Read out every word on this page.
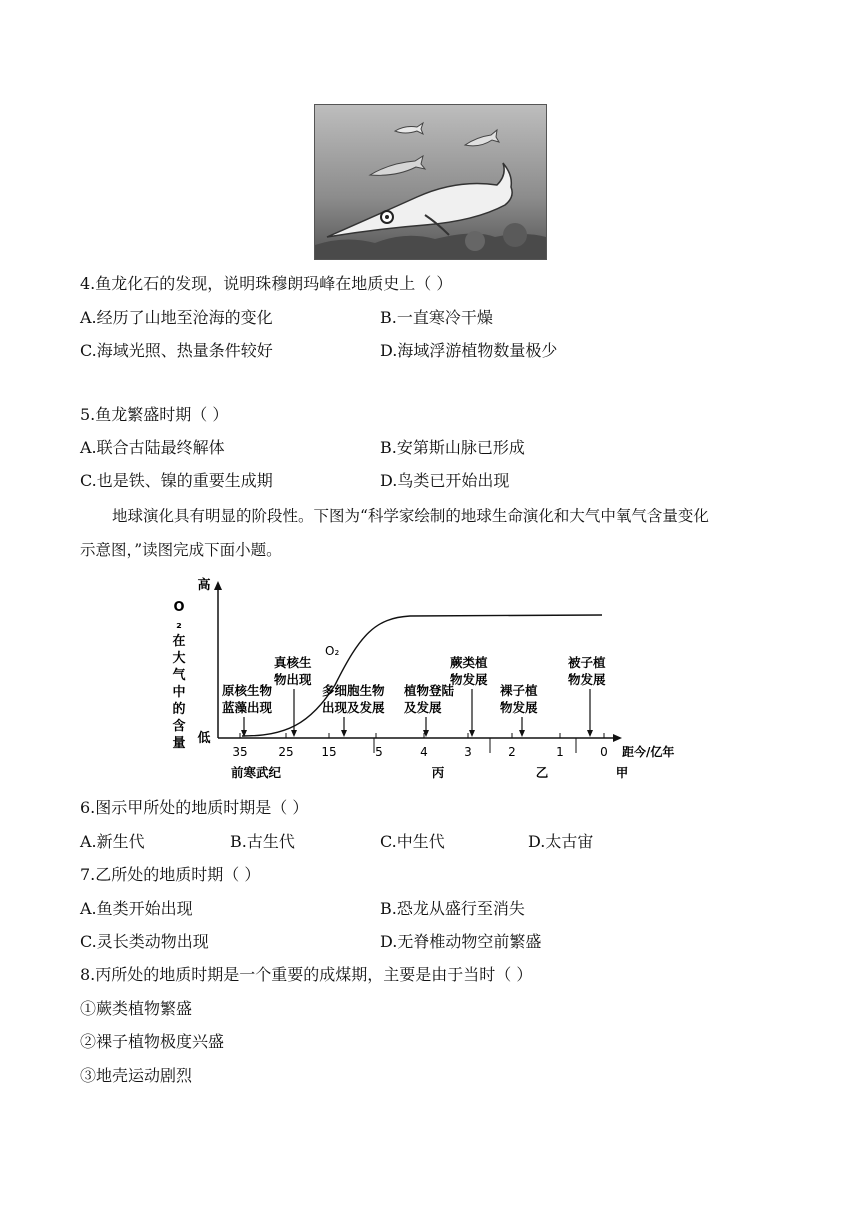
4.鱼龙化石的发现，说明珠穆朗玛峰在地质史上（ ）
A.经历了山地至沧海的变化	B.一直寒冷干燥
C.海域光照、热量条件较好	D.海域浮游植物数量极少
5.鱼龙繁盛时期（ ）
A.联合古陆最终解体	B.安第斯山脉已形成
C.也是铁、镍的重要生成期	D.鸟类已开始出现
地球演化具有明显的阶段性。下图为“科学家绘制的地球生命演化和大气中氧气含量变化
示意图，”读图完成下面小题。
高
低
O
₂
在
大
气
中
的
含
量
O₂
35	25 15	5	4	3	2	1	0
原核生物
蓝藻出现
真核生
物出现
多细胞生物
出现及发展
植物登陆
及发展
蕨类植
物发展
裸子植
物发展
被子植
物发展
前寒武纪	丙	乙	甲
距今/亿年
6.图示甲所处的地质时期是（ ）
A.新生代	B.古生代	C.中生代	D.太古宙
7.乙所处的地质时期（ ）
A.鱼类开始出现	B.恐龙从盛行至消失
C.灵长类动物出现	D.无脊椎动物空前繁盛
8.丙所处的地质时期是一个重要的成煤期，主要是由于当时（ ）
①蕨类植物繁盛
②裸子植物极度兴盛
③地壳运动剧烈
